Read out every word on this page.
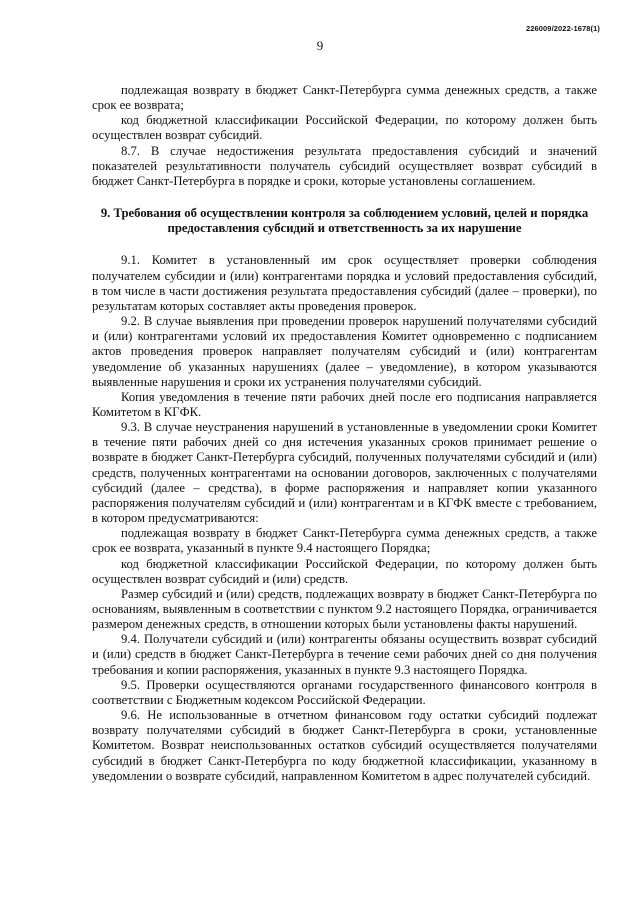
226009/2022-1678(1)
9

подлежащая возврату в бюджет Санкт-Петербурга сумма денежных средств, а также срок ее возврата;

код бюджетной классификации Российской Федерации, по которому должен быть осуществлен возврат субсидий.

8.7. В случае недостижения результата предоставления субсидий и значений показателей результативности получатель субсидий осуществляет возврат субсидий в бюджет Санкт-Петербурга в порядке и сроки, которые установлены соглашением.

9. Требования об осуществлении контроля за соблюдением условий, целей и порядка предоставления субсидий и ответственность за их нарушение

9.1. Комитет в установленный им срок осуществляет проверки соблюдения получателем субсидии и (или) контрагентами порядка и условий предоставления субсидий, в том числе в части достижения результата предоставления субсидий (далее – проверки), по результатам которых составляет акты проведения проверок.

9.2. В случае выявления при проведении проверок нарушений получателями субсидий и (или) контрагентами условий их предоставления Комитет одновременно с подписанием актов проведения проверок направляет получателям субсидий и (или) контрагентам уведомление об указанных нарушениях (далее – уведомление), в котором указываются выявленные нарушения и сроки их устранения получателями субсидий.

Копия уведомления в течение пяти рабочих дней после его подписания направляется Комитетом в КГФК.

9.3. В случае неустранения нарушений в установленные в уведомлении сроки Комитет в течение пяти рабочих дней со дня истечения указанных сроков принимает решение о возврате в бюджет Санкт-Петербурга субсидий, полученных получателями субсидий и (или) средств, полученных контрагентами на основании договоров, заключенных с получателями субсидий (далее – средства), в форме распоряжения и направляет копии указанного распоряжения получателям субсидий и (или) контрагентам и в КГФК вместе с требованием, в котором предусматриваются:

подлежащая возврату в бюджет Санкт-Петербурга сумма денежных средств, а также срок ее возврата, указанный в пункте 9.4 настоящего Порядка;

код бюджетной классификации Российской Федерации, по которому должен быть осуществлен возврат субсидий и (или) средств.

Размер субсидий и (или) средств, подлежащих возврату в бюджет Санкт-Петербурга по основаниям, выявленным в соответствии с пунктом 9.2 настоящего Порядка, ограничивается размером денежных средств, в отношении которых были установлены факты нарушений.

9.4. Получатели субсидий и (или) контрагенты обязаны осуществить возврат субсидий и (или) средств в бюджет Санкт-Петербурга в течение семи рабочих дней со дня получения требования и копии распоряжения, указанных в пункте 9.3 настоящего Порядка.

9.5. Проверки осуществляются органами государственного финансового контроля в соответствии с Бюджетным кодексом Российской Федерации.

9.6. Не использованные в отчетном финансовом году остатки субсидий подлежат возврату получателями субсидий в бюджет Санкт-Петербурга в сроки, установленные Комитетом. Возврат неиспользованных остатков субсидий осуществляется получателями субсидий в бюджет Санкт-Петербурга по коду бюджетной классификации, указанному в уведомлении о возврате субсидий, направленном Комитетом в адрес получателей субсидий.
